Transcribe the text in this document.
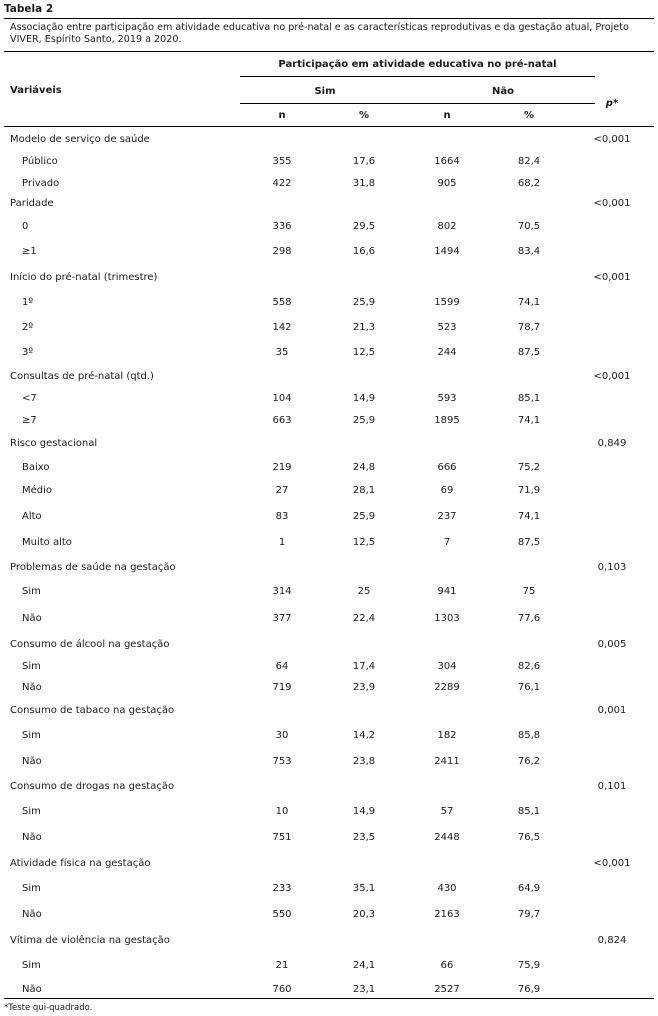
Tabela 2
Associação entre participação em atividade educativa no pré-natal e as características reprodutivas e da gestação atual, Projeto VIVER, Espírito Santo, 2019 a 2020.
Variáveis
Participação em atividade educativa no pré-natal
Sim	Não
n	%	n	%
p*
Modelo de serviço de saúde	<0,001
Público	355	17,6	1664	82,4
Privado	422	31,8	905	68,2
Paridade	<0,001
0	336	29,5	802	70,5
≥1	298	16,6	1494	83,4
Início do pré-natal (trimestre)	<0,001
1º	558	25,9	1599	74,1
2º	142	21,3	523	78,7
3º	35	12,5	244	87,5
Consultas de pré-natal (qtd.)	<0,001
<7	104	14,9	593	85,1
≥7	663	25,9	1895	74,1
Risco gestacional	0,849
Baixo	219	24,8	666	75,2
Médio	27	28,1	69	71,9
Alto	83	25,9	237	74,1
Muito alto	1	12,5	7	87,5
Problemas de saúde na gestação	0,103
Sim	314	25	941	75
Não	377	22,4	1303	77,6
Consumo de álcool na gestação	0,005
Sim	64	17,4	304	82,6
Não	719	23,9	2289	76,1
Consumo de tabaco na gestação	0,001
Sim	30	14,2	182	85,8
Não	753	23,8	2411	76,2
Consumo de drogas na gestação	0,101
Sim	10	14,9	57	85,1
Não	751	23,5	2448	76,5
Atividade física na gestação	<0,001
Sim	233	35,1	430	64,9
Não	550	20,3	2163	79,7
Vítima de violência na gestação	0,824
Sim	21	24,1	66	75,9
Não	760	23,1	2527	76,9
*Teste qui-quadrado.
